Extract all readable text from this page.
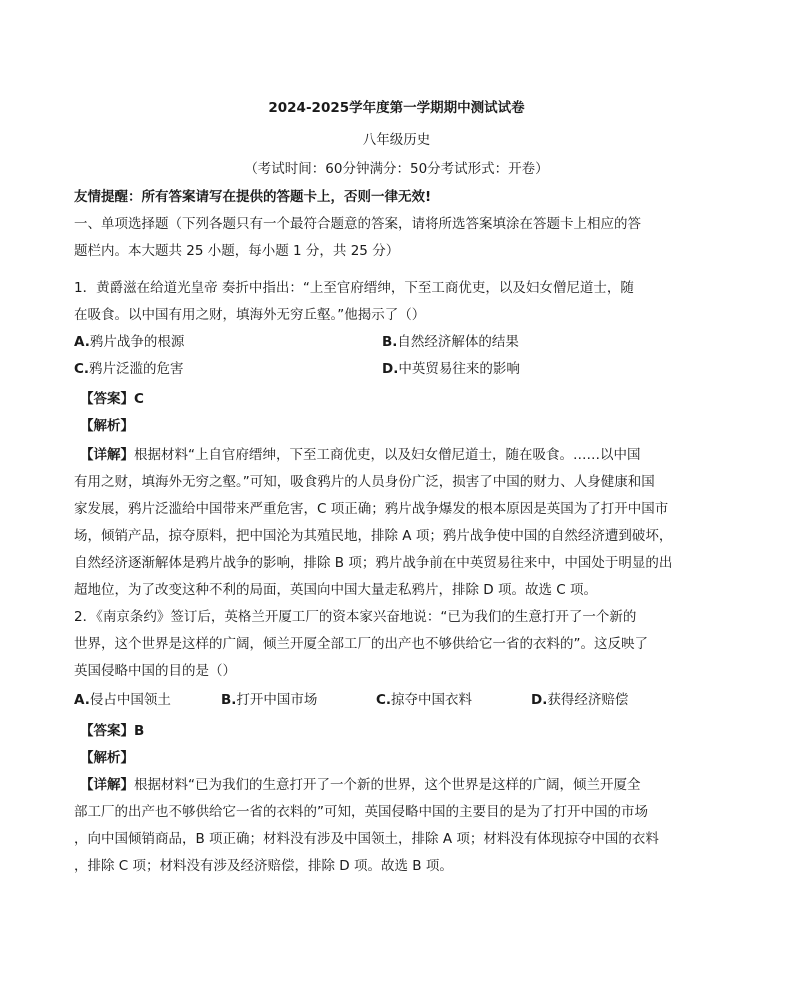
2024-2025学年度第一学期期中测试试卷
八年级历史
（考试时间：60分钟满分：50分考试形式：开卷）
友情提醒：所有答案请写在提供的答题卡上，否则一律无效!
一、单项选择题（下列各题只有一个最符合题意的答案，请将所选答案填涂在答题卡上相应的答
题栏内。本大题共 25 小题，每小题 1 分，共 25 分）
1．黄爵滋在给道光皇帝 奏折中指出：“上至官府缙绅，下至工商优吏，以及妇女僧尼道士，随
在吸食。以中国有用之财，填海外无穷丘壑。”他揭示了（）
A.鸦片战争的根源	B.自然经济解体的结果
C.鸦片泛滥的危害	D.中英贸易往来的影响
【答案】C
【解析】
【详解】根据材料“上自官府缙绅，下至工商优吏，以及妇女僧尼道士，随在吸食。……以中国
有用之财，填海外无穷之壑。”可知，吸食鸦片的人员身份广泛，损害了中国的财力、人身健康和国
家发展，鸦片泛滥给中国带来严重危害，C 项正确；鸦片战争爆发的根本原因是英国为了打开中国市
场，倾销产品，掠夺原料，把中国沦为其殖民地，排除 A 项；鸦片战争使中国的自然经济遭到破坏，
自然经济逐渐解体是鸦片战争的影响，排除 B 项；鸦片战争前在中英贸易往来中，中国处于明显的出
超地位，为了改变这种不利的局面，英国向中国大量走私鸦片，排除 D 项。故选 C 项。
2．《南京条约》签订后，英格兰开厦工厂的资本家兴奋地说：“已为我们的生意打开了一个新的
世界，这个世界是这样的广阔，倾兰开厦全部工厂的出产也不够供给它一省的衣料的”。这反映了
英国侵略中国的目的是（）
A.侵占中国领土	B.打开中国市场	C.掠夺中国衣料	D.获得经济赔偿
【答案】B
【解析】
【详解】根据材料“已为我们的生意打开了一个新的世界，这个世界是这样的广阔，倾兰开厦全
部工厂的出产也不够供给它一省的衣料的”可知，英国侵略中国的主要目的是为了打开中国的市场
，向中国倾销商品，B 项正确；材料没有涉及中国领土，排除 A 项；材料没有体现掠夺中国的衣料
，排除 C 项；材料没有涉及经济赔偿，排除 D 项。故选 B 项。
